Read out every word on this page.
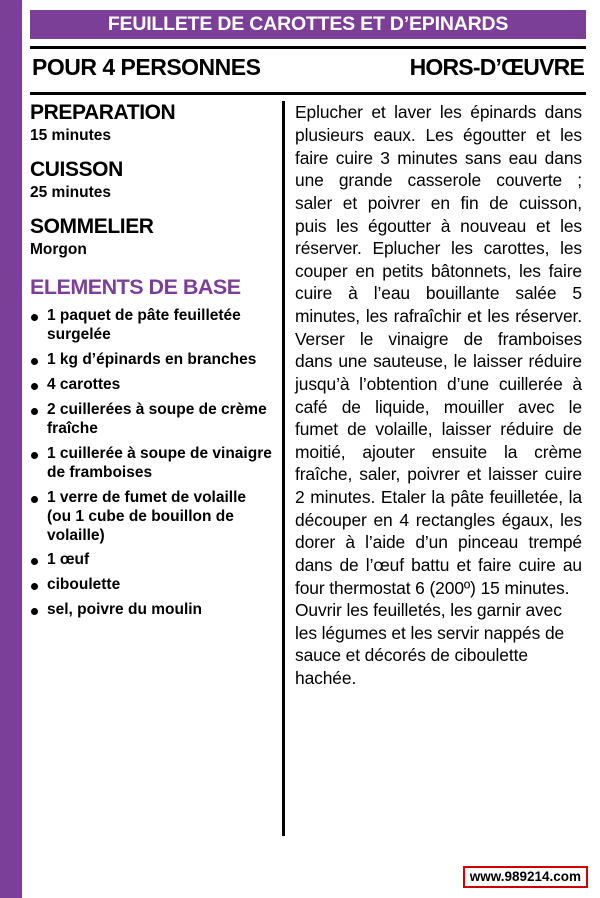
FEUILLETE DE CAROTTES ET D’EPINARDS
POUR 4 PERSONNES	HORS-D’ŒUVRE
PREPARATION

15 minutes

CUISSON

25 minutes

SOMMELIER

Morgon

ELEMENTS DE BASE
1 paquet de pâte feuilletée surgelée
1 kg d’épinards en branches
4 carottes
2 cuillerées à soupe de crème fraîche
1 cuillerée à soupe de vinaigre de framboises
1 verre de fumet de volaille (ou 1 cube de bouillon de volaille)
1 œuf
ciboulette
sel, poivre du moulin

Eplucher et laver les épinards dans plusieurs eaux. Les égoutter et les faire cuire 3 minutes sans eau dans une grande casserole couverte ; saler et poivrer en fin de cuisson, puis les égoutter à nouveau et les réserver. Eplucher les carottes, les couper en petits bâtonnets, les faire cuire à l’eau bouillante salée 5 minutes, les rafraîchir et les réserver. Verser le vinaigre de framboises dans une sauteuse, le laisser réduire jusqu’à l’obtention d’une cuillerée à café de liquide, mouiller avec le fumet de volaille, laisser réduire de moitié, ajouter ensuite la crème fraîche, saler, poivrer et laisser cuire 2 minutes. Etaler la pâte feuilletée, la découper en 4 rectangles égaux, les dorer à l’aide d’un pinceau trempé dans de l’œuf battu et faire cuire au four thermostat 6 (200º) 15 minutes.

Ouvrir les feuilletés, les garnir avec les légumes et les servir nappés de sauce et décorés de ciboulette hachée.

www.989214.com
